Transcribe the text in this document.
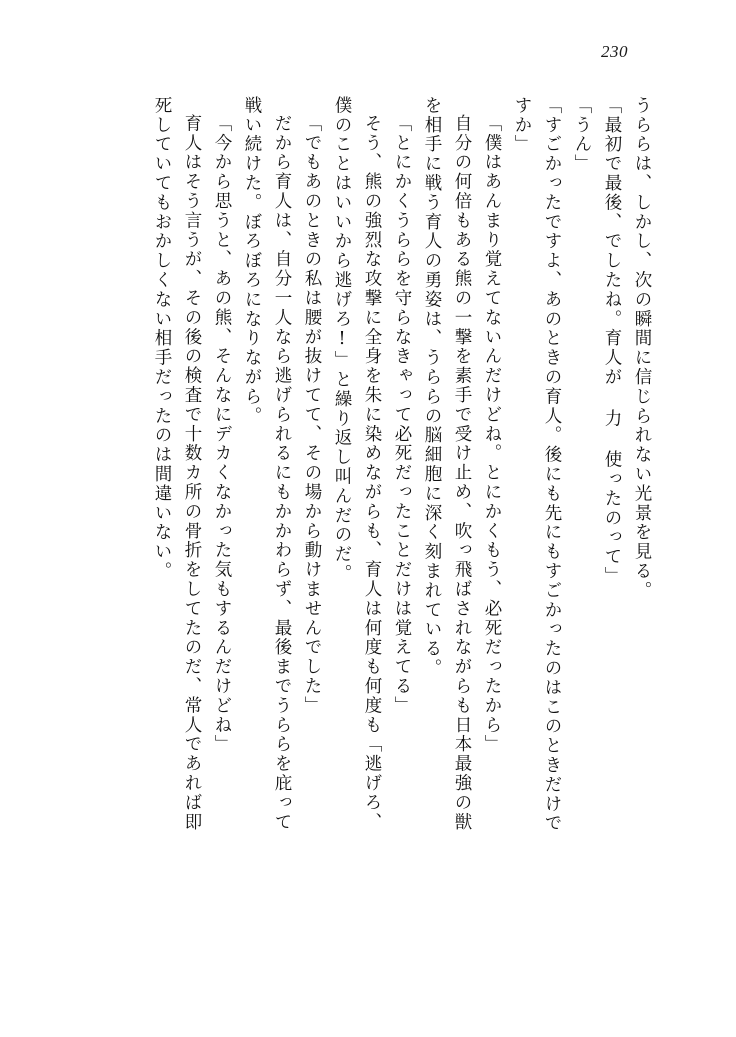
230
うららは、しかし、次の瞬間に信じられない光景を見る。
「最初で最後、でしたね。育人が 力 使ったのって」
「うん」
「すごかったですよ、あのときの育人。後にも先にもすごかったのはこのときだけで
すか」
「僕はあんまり覚えてないんだけどね。とにかくもう、必死だったから」
自分の何倍もある熊の一撃を素手で受け止め、吹っ飛ばされながらも日本最強の獣
を相手に戦う育人の勇姿は、うららの脳細胞に深く刻まれている。
「とにかくうららを守らなきゃって必死だったことだけは覚えてる」
そう、熊の強烈な攻撃に全身を朱に染めながらも、育人は何度も何度も「逃げろ、
僕のことはいいから逃げろ!」と繰り返し叫んだのだ。
「でもあのときの私は腰が抜けてて、その場から動けませんでした」
だから育人は、自分一人なら逃げられるにもかかわらず、最後までうららを庇って
戦い続けた。ぼろぼろになりながら。
「今から思うと、あの熊、そんなにデカくなかった気もするんだけどね」
育人はそう言うが、その後の検査で十数カ所の骨折をしてたのだ、常人であれば即
死していてもおかしくない相手だったのは間違いない。
